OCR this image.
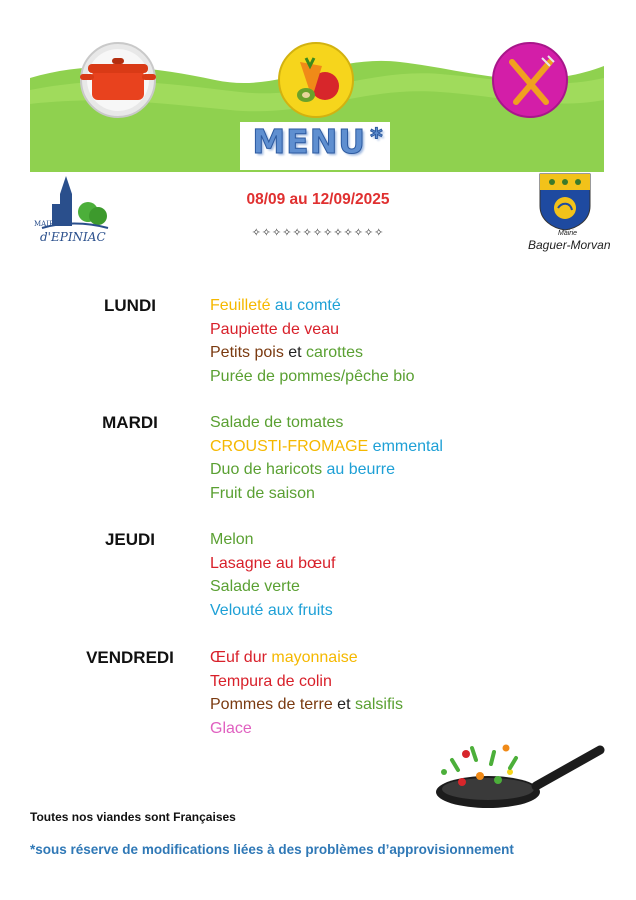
MENU *
MAIRIE
d'EPINIAC	Mairie
Baguer-Morvan
08/09 au 12/09/2025
✧✧✧✧✧✧✧✧✧✧✧✧✧
LUNDI	Feuilleté au comté
Paupiette de veau
Petits pois et carottes
Purée de pommes/pêche bio
MARDI	Salade de tomates
CROUSTI-FROMAGE emmental
Duo de haricots au beurre
Fruit de saison
JEUDI	Melon
Lasagne au bœuf
Salade verte
Velouté aux fruits
VENDREDI	Œuf dur mayonnaise
Tempura de colin
Pommes de terre et salsifis
Glace
Toutes nos viandes sont Françaises
*sous réserve de modifications liées à des problèmes d’approvisionnement
